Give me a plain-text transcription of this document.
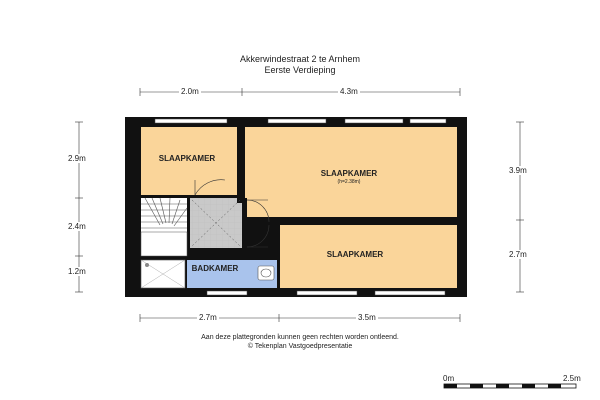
Akkerwindestraat 2 te Arnhem
Eerste Verdieping
SLAAPKAMER
SLAAPKAMER
(h=2.38m)
SLAAPKAMER
BADKAMER
2.0m	4.3m
2.7m	3.5m
2.9m
2.4m
1.2m
3.9m
2.7m
Aan deze plattegronden kunnen geen rechten worden ontleend.
© Tekenplan Vastgoedpresentatie
0m	2.5m
